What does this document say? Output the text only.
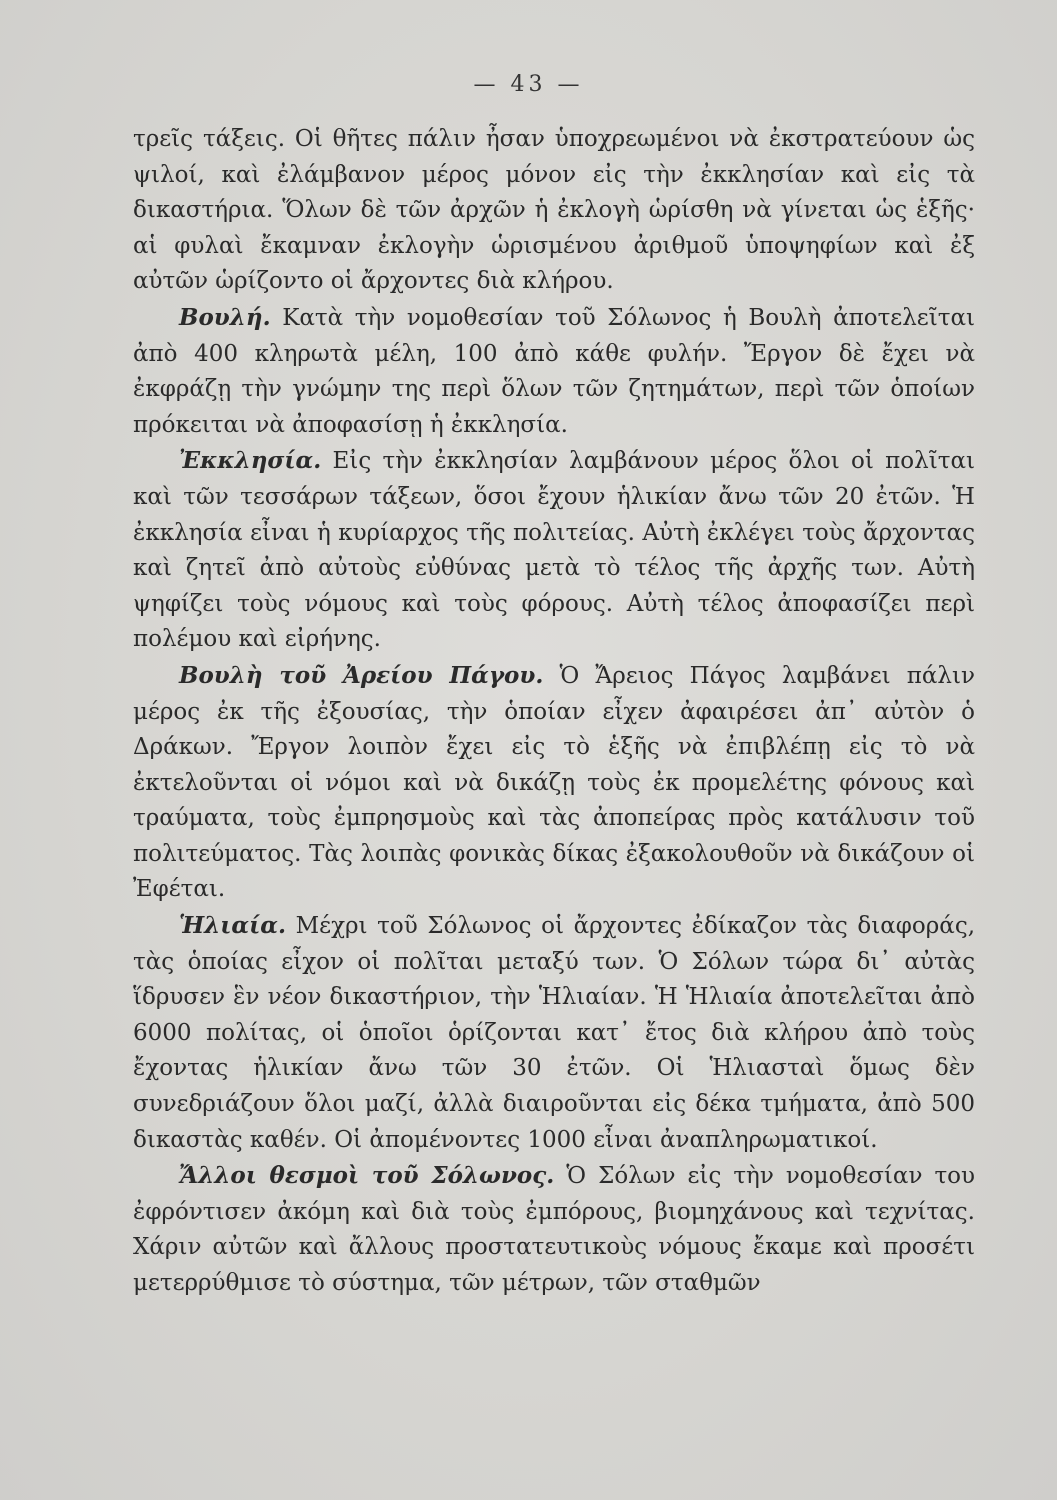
— 43 —

τρεῖς τάξεις. Οἱ θῆτες πάλιν ἦσαν ὑποχρεωμένοι νὰ ἐκστρατεύουν ὡς ψιλοί, καὶ ἐλάμβανον μέρος μόνον εἰς τὴν ἐκκλησίαν καὶ εἰς τὰ δικαστήρια. Ὅλων δὲ τῶν ἀρχῶν ἡ ἐκλογὴ ὡρίσθη νὰ γίνεται ὡς ἑξῆς· αἱ φυλαὶ ἔκαμναν ἐκλογὴν ὡρισμένου ἀριθμοῦ ὑποψηφίων καὶ ἐξ αὐτῶν ὡρίζοντο οἱ ἄρχοντες διὰ κλήρου.

Βουλή. Κατὰ τὴν νομοθεσίαν τοῦ Σόλωνος ἡ Βουλὴ ἀποτελεῖται ἀπὸ 400 κληρωτὰ μέλη, 100 ἀπὸ κάθε φυλήν. Ἔργον δὲ ἔχει νὰ ἐκφράζῃ τὴν γνώμην της περὶ ὅλων τῶν ζητημάτων, περὶ τῶν ὁποίων πρόκειται νὰ ἀποφασίσῃ ἡ ἐκκλησία.

Ἐκκλησία. Εἰς τὴν ἐκκλησίαν λαμβάνουν μέρος ὅλοι οἱ πολῖται καὶ τῶν τεσσάρων τάξεων, ὅσοι ἔχουν ἡλικίαν ἄνω τῶν 20 ἐτῶν. Ἡ ἐκκλησία εἶναι ἡ κυρίαρχος τῆς πολιτείας. Αὐτὴ ἐκλέγει τοὺς ἄρχοντας καὶ ζητεῖ ἀπὸ αὐτοὺς εὐθύνας μετὰ τὸ τέλος τῆς ἀρχῆς των. Αὐτὴ ψηφίζει τοὺς νόμους καὶ τοὺς φόρους. Αὐτὴ τέλος ἀποφασίζει περὶ πολέμου καὶ εἰρήνης.

Βουλὴ τοῦ Ἀρείου Πάγου. Ὁ Ἄρειος Πάγος λαμβάνει πάλιν μέρος ἐκ τῆς ἐξουσίας, τὴν ὁποίαν εἶχεν ἀφαιρέσει ἀπ᾿ αὐτὸν ὁ Δράκων. Ἔργον λοιπὸν ἔχει εἰς τὸ ἑξῆς νὰ ἐπιβλέπῃ εἰς τὸ νὰ ἐκτελοῦνται οἱ νόμοι καὶ νὰ δικάζῃ τοὺς ἐκ προμελέτης φόνους καὶ τραύματα, τοὺς ἐμπρησμοὺς καὶ τὰς ἀποπείρας πρὸς κατάλυσιν τοῦ πολιτεύματος. Τὰς λοιπὰς φονικὰς δίκας ἐξακολουθοῦν νὰ δικάζουν οἱ Ἐφέται.

Ἡλιαία. Μέχρι τοῦ Σόλωνος οἱ ἄρχοντες ἐδίκαζον τὰς διαφοράς, τὰς ὁποίας εἶχον οἱ πολῖται μεταξύ των. Ὁ Σόλων τώρα δι᾿ αὐτὰς ἵδρυσεν ἓν νέον δικαστήριον, τὴν Ἡλιαίαν. Ἡ Ἡλιαία ἀποτελεῖται ἀπὸ 6000 πολίτας, οἱ ὁποῖοι ὁρίζονται κατ᾿ ἔτος διὰ κλήρου ἀπὸ τοὺς ἔχοντας ἡλικίαν ἄνω τῶν 30 ἐτῶν. Οἱ Ἡλιασταὶ ὅμως δὲν συνεδριάζουν ὅλοι μαζί, ἀλλὰ διαιροῦνται εἰς δέκα τμήματα, ἀπὸ 500 δικαστὰς καθέν. Οἱ ἀπομένοντες 1000 εἶναι ἀναπληρωματικοί.

Ἄλλοι θεσμοὶ τοῦ Σόλωνος. Ὁ Σόλων εἰς τὴν νομοθεσίαν του ἐφρόντισεν ἀκόμη καὶ διὰ τοὺς ἐμπόρους, βιομηχάνους καὶ τεχνίτας. Χάριν αὐτῶν καὶ ἄλλους προστατευτικοὺς νόμους ἔκαμε καὶ προσέτι μετερρύθμισε τὸ σύστημα, τῶν μέτρων, τῶν σταθμῶν
